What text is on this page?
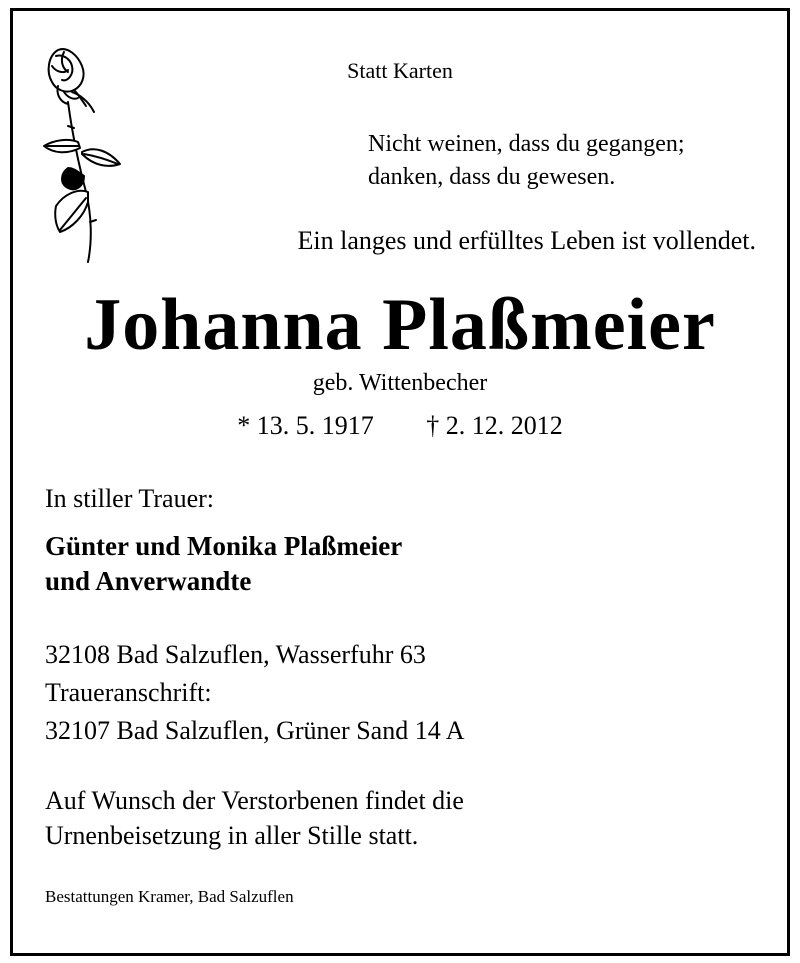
Statt Karten
Nicht weinen, dass du gegangen;
danken, dass du gewesen.
Ein langes und erfülltes Leben ist vollendet.
Johanna Plaßmeier
geb. Wittenbecher
* 13. 5. 1917 † 2. 12. 2012
In stiller Trauer:
Günter und Monika Plaßmeier
und Anverwandte
32108 Bad Salzuflen, Wasserfuhr 63
Traueranschrift:
32107 Bad Salzuflen, Grüner Sand 14 A
Auf Wunsch der Verstorbenen findet die
Urnenbeisetzung in aller Stille statt.
Bestattungen Kramer, Bad Salzuflen
